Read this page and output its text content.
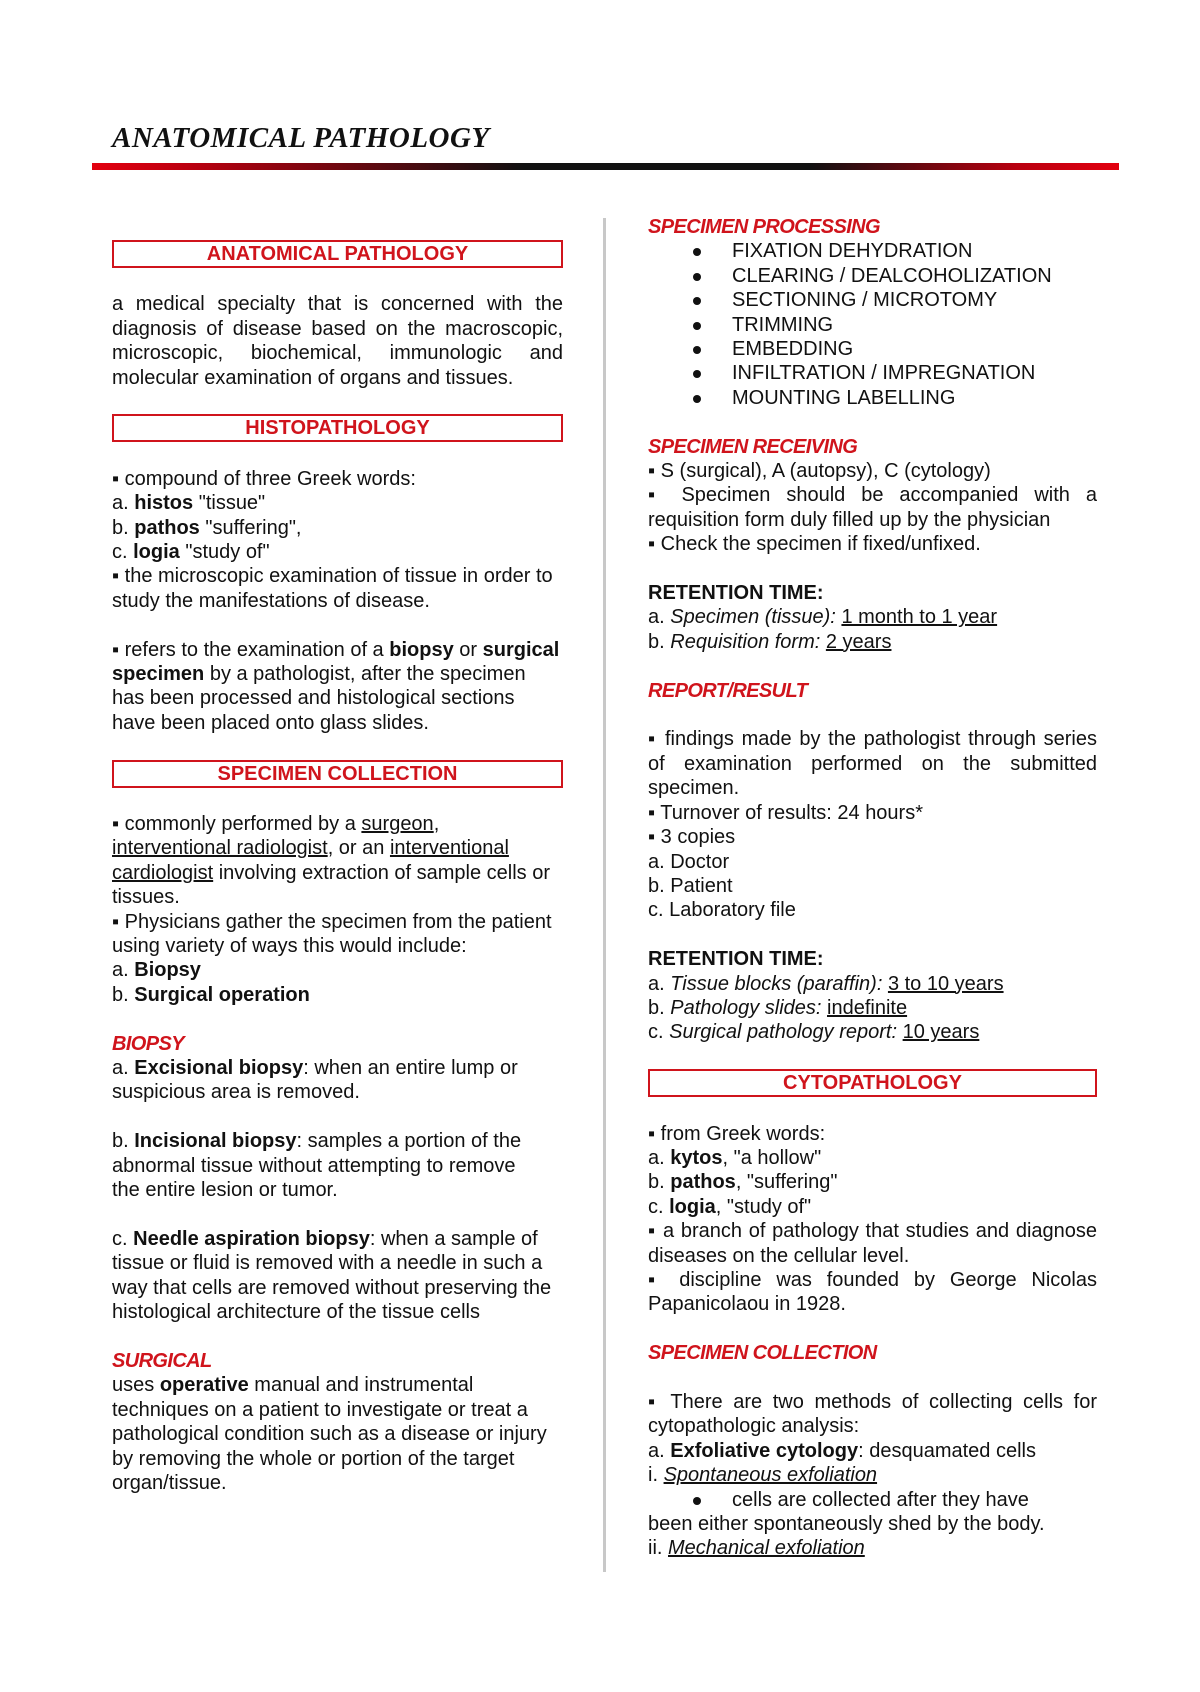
ANATOMICAL PATHOLOGY
ANATOMICAL PATHOLOGY

a medical specialty that is concerned with the diagnosis of disease based on the macroscopic, microscopic, biochemical, immunologic and molecular examination of organs and tissues.

HISTOPATHOLOGY

▪ compound of three Greek words:

a. histos "tissue"

b. pathos "suffering",

c. logia "study of"

▪ the microscopic examination of tissue in order to study the manifestations of disease.

▪ refers to the examination of a biopsy or surgical specimen by a pathologist, after the specimen has been processed and histological sections have been placed onto glass slides.

SPECIMEN COLLECTION

▪ commonly performed by a surgeon, interventional radiologist, or an interventional cardiologist involving extraction of sample cells or tissues.

▪ Physicians gather the specimen from the patient using variety of ways this would include:

a. Biopsy

b. Surgical operation

BIOPSY

a. Excisional biopsy: when an entire lump or suspicious area is removed.

b. Incisional biopsy: samples a portion of the abnormal tissue without attempting to remove the entire lesion or tumor.

c. Needle aspiration biopsy: when a sample of tissue or fluid is removed with a needle in such a way that cells are removed without preserving the histological architecture of the tissue cells

SURGICAL

uses operative manual and instrumental techniques on a patient to investigate or treat a pathological condition such as a disease or injury by removing the whole or portion of the target organ/tissue.

SPECIMEN PROCESSING

FIXATION DEHYDRATION
CLEARING / DEALCOHOLIZATION
SECTIONING / MICROTOMY
TRIMMING
EMBEDDING
INFILTRATION / IMPREGNATION
MOUNTING LABELLING

SPECIMEN RECEIVING

▪ S (surgical), A (autopsy), C (cytology)

▪ Specimen should be accompanied with a requisition form duly filled up by the physician

▪ Check the specimen if fixed/unfixed.

RETENTION TIME:

a. Specimen (tissue): 1 month to 1 year

b. Requisition form: 2 years

REPORT/RESULT

▪ findings made by the pathologist through series of examination performed on the submitted specimen.

▪ Turnover of results: 24 hours*

▪ 3 copies

a. Doctor

b. Patient

c. Laboratory file

RETENTION TIME:

a. Tissue blocks (paraffin): 3 to 10 years

b. Pathology slides: indefinite

c. Surgical pathology report: 10 years

CYTOPATHOLOGY

▪ from Greek words:

a. kytos, "a hollow"

b. pathos, "suffering"

c. logia, "study of"

▪ a branch of pathology that studies and diagnose diseases on the cellular level.

▪ discipline was founded by George Nicolas Papanicolaou in 1928.

SPECIMEN COLLECTION

▪ There are two methods of collecting cells for cytopathologic analysis:

a. Exfoliative cytology: desquamated cells

i. Spontaneous exfoliation

cells are collected after they have

been either spontaneously shed by the body.

ii. Mechanical exfoliation
